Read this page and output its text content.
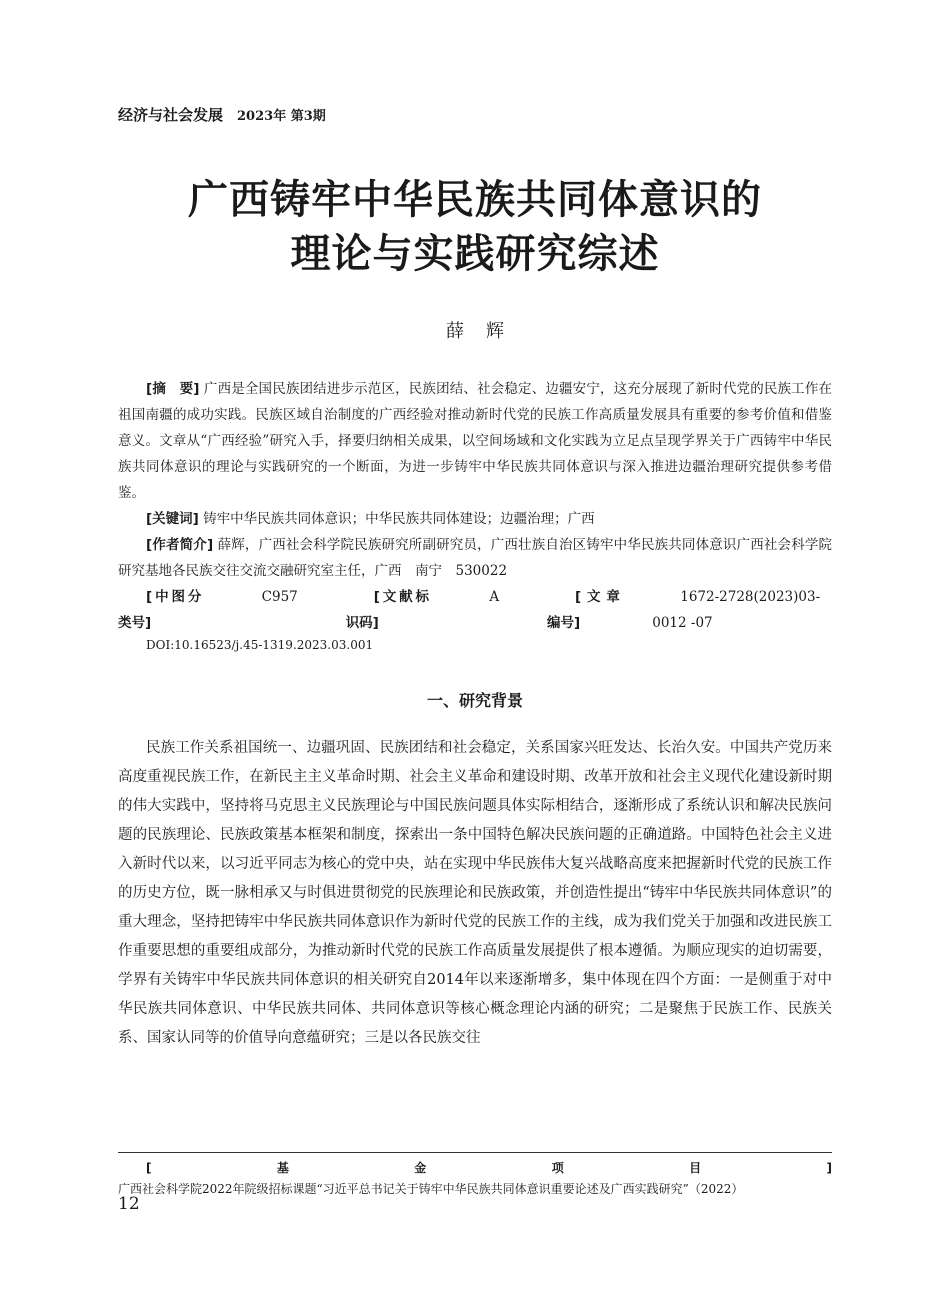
经济与社会发展 2023年 第3期
广西铸牢中华民族共同体意识的
理论与实践研究综述
薛辉

[摘　要] 广西是全国民族团结进步示范区，民族团结、社会稳定、边疆安宁，这充分展现了新时代党的民族工作在祖国南疆的成功实践。民族区域自治制度的广西经验对推动新时代党的民族工作高质量发展具有重要的参考价值和借鉴意义。文章从“广西经验”研究入手，择要归纳相关成果，以空间场域和文化实践为立足点呈现学界关于广西铸牢中华民族共同体意识的理论与实践研究的一个断面，为进一步铸牢中华民族共同体意识与深入推进边疆治理研究提供参考借鉴。

[关键词] 铸牢中华民族共同体意识；中华民族共同体建设；边疆治理；广西

[作者简介] 薛辉，广西社会科学院民族研究所副研究员，广西壮族自治区铸牢中华民族共同体意识广西社会科学院研究基地各民族交往交流交融研究室主任，广西　南宁　530022

[中图分类号]

C957	[文献标识码]

A	[文章编号]

1672-2728(2023)03- 0012 -07

DOI:10.16523/j.45-1319.2023.03.001

一、研究背景

民族工作关系祖国统一、边疆巩固、民族团结和社会稳定，关系国家兴旺发达、长治久安。中国共产党历来高度重视民族工作，在新民主主义革命时期、社会主义革命和建设时期、改革开放和社会主义现代化建设新时期的伟大实践中，坚持将马克思主义民族理论与中国民族问题具体实际相结合，逐渐形成了系统认识和解决民族问题的民族理论、民族政策基本框架和制度，探索出一条中国特色解决民族问题的正确道路。中国特色社会主义进入新时代以来，以习近平同志为核心的党中央，站在实现中华民族伟大复兴战略高度来把握新时代党的民族工作的历史方位，既一脉相承又与时俱进贯彻党的民族理论和民族政策，并创造性提出“铸牢中华民族共同体意识”的重大理念，坚持把铸牢中华民族共同体意识作为新时代党的民族工作的主线，成为我们党关于加强和改进民族工作重要思想的重要组成部分，为推动新时代党的民族工作高质量发展提供了根本遵循。为顺应现实的迫切需要，学界有关铸牢中华民族共同体意识的相关研究自2014年以来逐渐增多，集中体现在四个方面：一是侧重于对中华民族共同体意识、中华民族共同体、共同体意识等核心概念理论内涵的研究；二是聚焦于民族工作、民族关系、国家认同等的价值导向意蕴研究；三是以各民族交往

[基金项目] 广西社会科学院2022年院级招标课题“习近平总书记关于铸牢中华民族共同体意识重要论述及广西实践研究”（2022）

12
